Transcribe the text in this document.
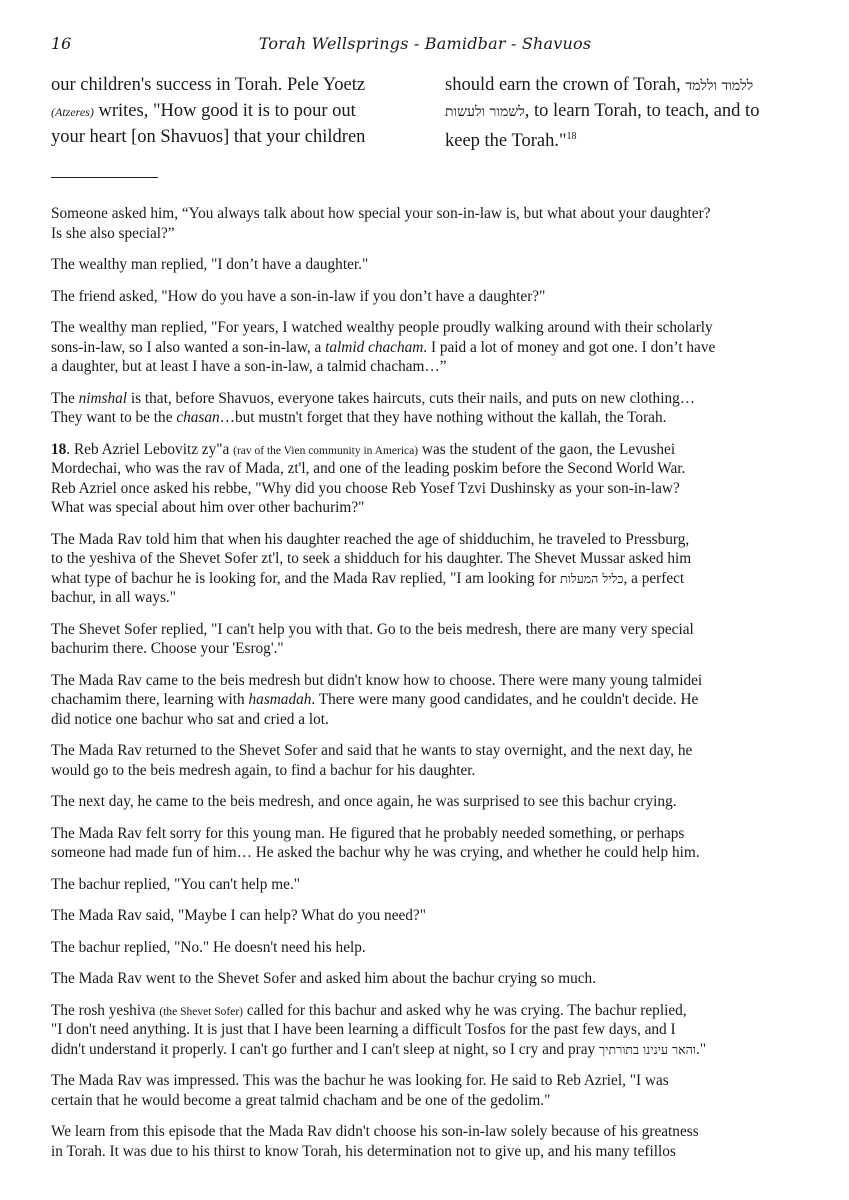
16	Torah Wellsprings - Bamidbar - Shavuos
our children's success in Torah. Pele Yoetz
(Atzeres) writes, "How good it is to pour out
your heart [on Shavuos] that your children
should earn the crown of Torah, ללמוד וללמד
לשמור ולעשות, to learn Torah, to teach, and to
keep the Torah."$^{18}$
Someone asked him, “You always talk about how special your son-in-law is, but what about your daughter?
Is she also special?”
The wealthy man replied, "I don’t have a daughter."
The friend asked, "How do you have a son-in-law if you don’t have a daughter?"
The wealthy man replied, "For years, I watched wealthy people proudly walking around with their scholarly
sons-in-law, so I also wanted a son-in-law, a talmid chacham. I paid a lot of money and got one. I don’t have
a daughter, but at least I have a son-in-law, a talmid chacham…”
The nimshal is that, before Shavuos, everyone takes haircuts, cuts their nails, and puts on new clothing…
They want to be the chasan…but mustn't forget that they have nothing without the kallah, the Torah.
18. Reb Azriel Lebovitz zy"a (rav of the Vien community in America) was the student of the gaon, the Levushei
Mordechai, who was the rav of Mada, zt'l, and one of the leading poskim before the Second World War.
Reb Azriel once asked his rebbe, "Why did you choose Reb Yosef Tzvi Dushinsky as your son-in-law?
What was special about him over other bachurim?"
The Mada Rav told him that when his daughter reached the age of shidduchim, he traveled to Pressburg,
to the yeshiva of the Shevet Sofer zt'l, to seek a shidduch for his daughter. The Shevet Mussar asked him
what type of bachur he is looking for, and the Mada Rav replied, "I am looking for כליל המעלות, a perfect
bachur, in all ways."
The Shevet Sofer replied, "I can't help you with that. Go to the beis medresh, there are many very special
bachurim there. Choose your 'Esrog'."
The Mada Rav came to the beis medresh but didn't know how to choose. There were many young talmidei
chachamim there, learning with hasmadah. There were many good candidates, and he couldn't decide. He
did notice one bachur who sat and cried a lot.
The Mada Rav returned to the Shevet Sofer and said that he wants to stay overnight, and the next day, he
would go to the beis medresh again, to find a bachur for his daughter.
The next day, he came to the beis medresh, and once again, he was surprised to see this bachur crying.
The Mada Rav felt sorry for this young man. He figured that he probably needed something, or perhaps
someone had made fun of him… He asked the bachur why he was crying, and whether he could help him.
The bachur replied, "You can't help me."
The Mada Rav said, "Maybe I can help? What do you need?"
The bachur replied, "No." He doesn't need his help.
The Mada Rav went to the Shevet Sofer and asked him about the bachur crying so much.
The rosh yeshiva (the Shevet Sofer) called for this bachur and asked why he was crying. The bachur replied,
"I don't need anything. It is just that I have been learning a difficult Tosfos for the past few days, and I
didn't understand it properly. I can't go further and I can't sleep at night, so I cry and pray והאר עינינו בתורתיך."
The Mada Rav was impressed. This was the bachur he was looking for. He said to Reb Azriel, "I was
certain that he would become a great talmid chacham and be one of the gedolim."
We learn from this episode that the Mada Rav didn't choose his son-in-law solely because of his greatness
in Torah. It was due to his thirst to know Torah, his determination not to give up, and his many tefillos
